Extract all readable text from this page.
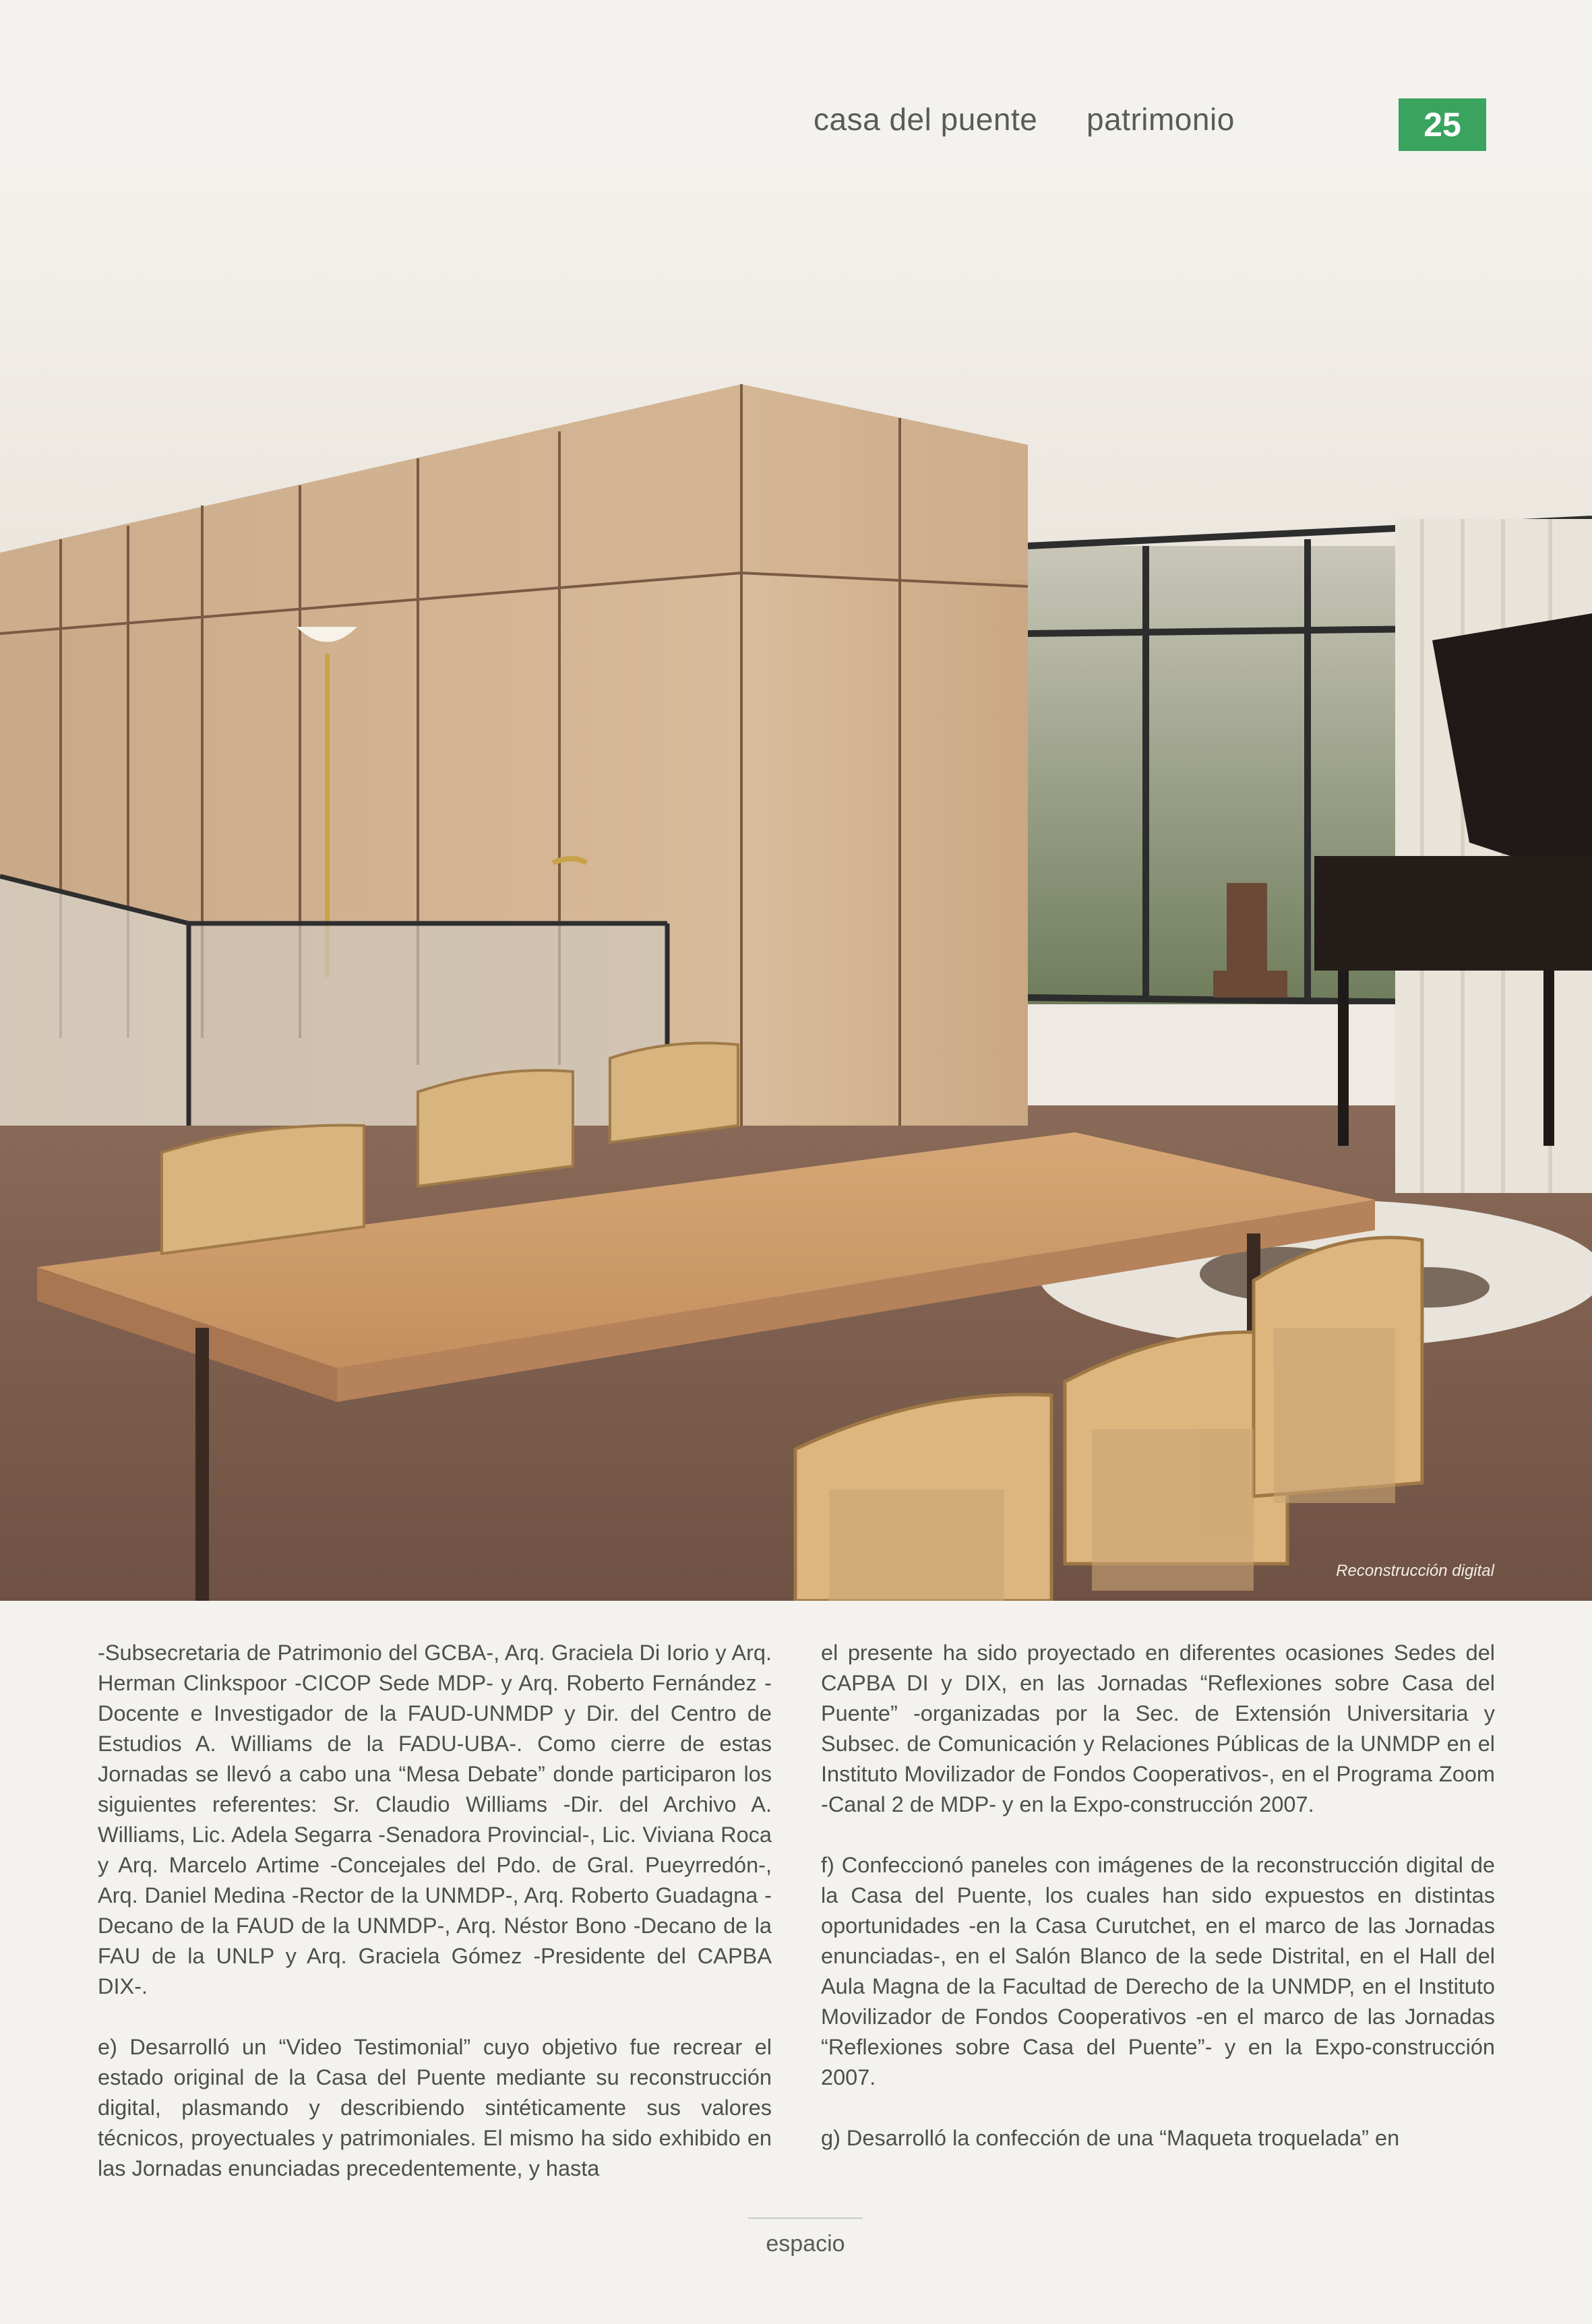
casa del puente patrimonio	25
Reconstrucción digital

-Subsecretaria de Patrimonio del GCBA-, Arq. Graciela Di Iorio y Arq. Herman Clinkspoor -CICOP Sede MDP- y Arq. Roberto Fernández -Docente e Investigador de la FAUD-UNMDP y Dir. del Centro de Estudios A. Williams de la FADU-UBA-. Como cierre de estas Jornadas se llevó a cabo una “Mesa Debate” donde participaron los siguientes referentes: Sr. Claudio Williams -Dir. del Archivo A. Williams, Lic. Adela Segarra -Senadora Provincial-, Lic. Viviana Roca y Arq. Marcelo Artime -Concejales del Pdo. de Gral. Pueyrredón-, Arq. Daniel Medina -Rector de la UNMDP-, Arq. Roberto Guadagna -Decano de la FAUD de la UNMDP-, Arq. Néstor Bono -Decano de la FAU de la UNLP y Arq. Graciela Gómez -Presidente del CAPBA DIX-.

e) Desarrolló un “Video Testimonial” cuyo objetivo fue recrear el estado original de la Casa del Puente mediante su reconstrucción digital, plasmando y describiendo sintéticamente sus valores técnicos, proyectuales y patrimoniales. El mismo ha sido exhibido en las Jornadas enunciadas precedentemente, y hasta

el presente ha sido proyectado en diferentes ocasiones Sedes del CAPBA DI y DIX, en las Jornadas “Reflexiones sobre Casa del Puente” -organizadas por la Sec. de Extensión Universitaria y Subsec. de Comunicación y Relaciones Públicas de la UNMDP en el Instituto Movilizador de Fondos Cooperativos-, en el Programa Zoom -Canal 2 de MDP- y en la Expo-construcción 2007.

f) Confeccionó paneles con imágenes de la reconstrucción digital de la Casa del Puente, los cuales han sido expuestos en distintas oportunidades -en la Casa Curutchet, en el marco de las Jornadas enunciadas-, en el Salón Blanco de la sede Distrital, en el Hall del Aula Magna de la Facultad de Derecho de la UNMDP, en el Instituto Movilizador de Fondos Cooperativos -en el marco de las Jornadas “Reflexiones sobre Casa del Puente”- y en la Expo-construcción 2007.

g) Desarrolló la confección de una “Maqueta troquelada” en

espacio
